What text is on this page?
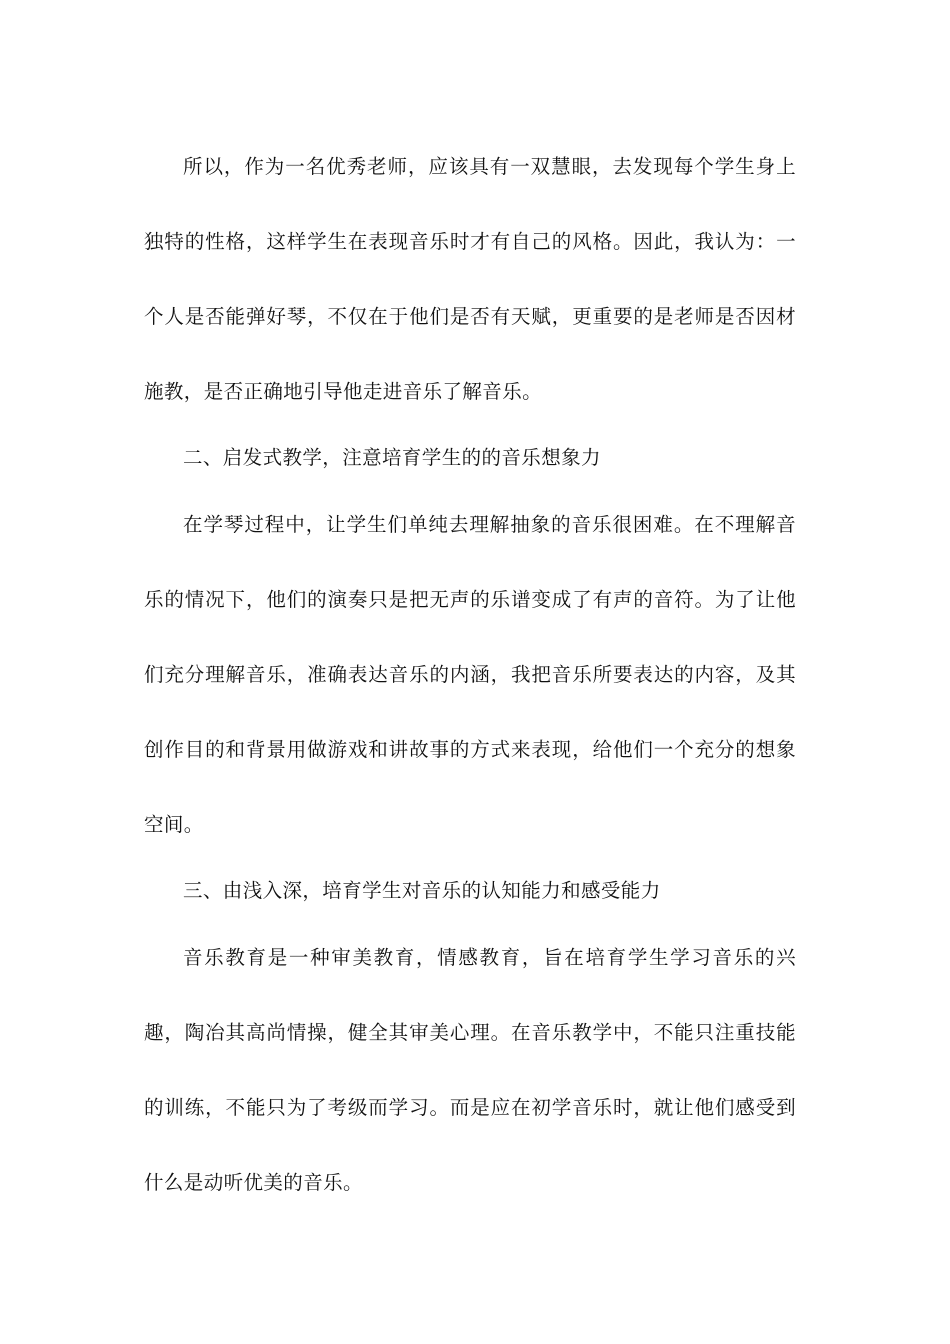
所以，作为一名优秀老师，应该具有一双慧眼，去发现每个学生身上独特的性格，这样学生在表现音乐时才有自己的风格。因此，我认为：一个人是否能弹好琴，不仅在于他们是否有天赋，更重要的是老师是否因材施教，是否正确地引导他走进音乐了解音乐。

二、启发式教学，注意培育学生的的音乐想象力

在学琴过程中，让学生们单纯去理解抽象的音乐很困难。在不理解音乐的情况下，他们的演奏只是把无声的乐谱变成了有声的音符。为了让他们充分理解音乐，准确表达音乐的内涵，我把音乐所要表达的内容，及其创作目的和背景用做游戏和讲故事的方式来表现，给他们一个充分的想象空间。

三、由浅入深，培育学生对音乐的认知能力和感受能力

音乐教育是一种审美教育，情感教育，旨在培育学生学习音乐的兴趣，陶冶其高尚情操，健全其审美心理。在音乐教学中，不能只注重技能的训练，不能只为了考级而学习。而是应在初学音乐时，就让他们感受到什么是动听优美的音乐。
